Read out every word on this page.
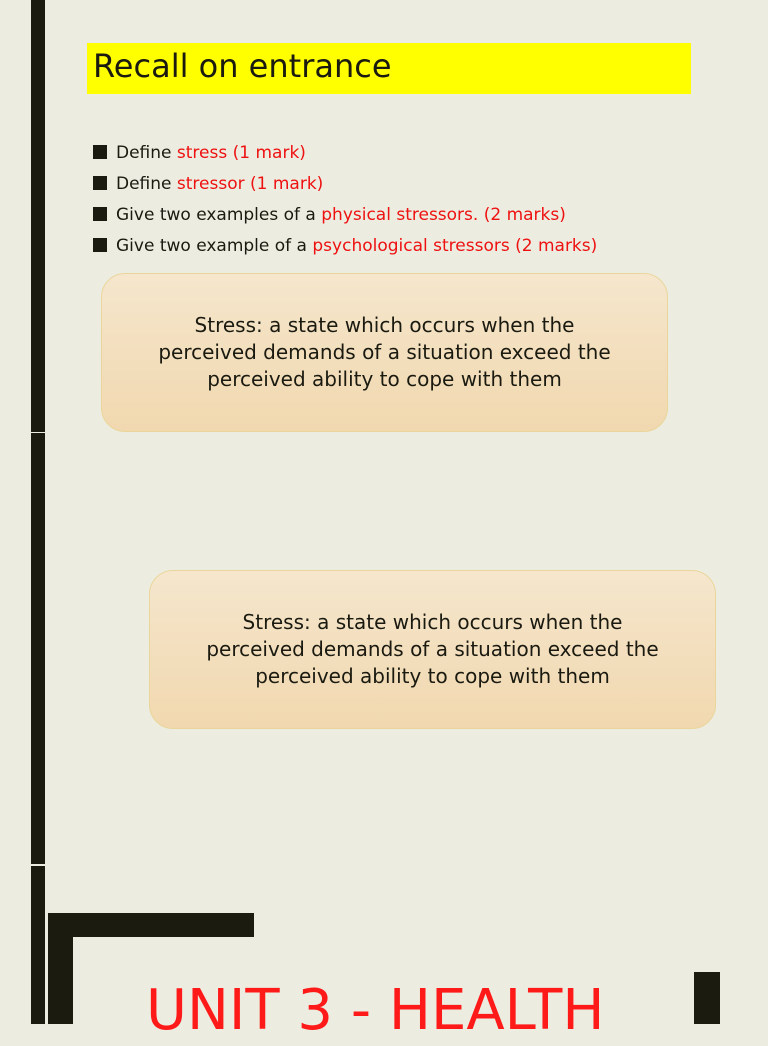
Recall on entrance
Define stress (1 mark)
Define stressor (1 mark)
Give two examples of a physical stressors. (2 marks)
Give two example of a psychological stressors (2 marks)
Stress: a state which occurs when the
perceived demands of a situation exceed the
perceived ability to cope with them
Stress: a state which occurs when the
perceived demands of a situation exceed the
perceived ability to cope with them
UNIT 3 - HEALTH
